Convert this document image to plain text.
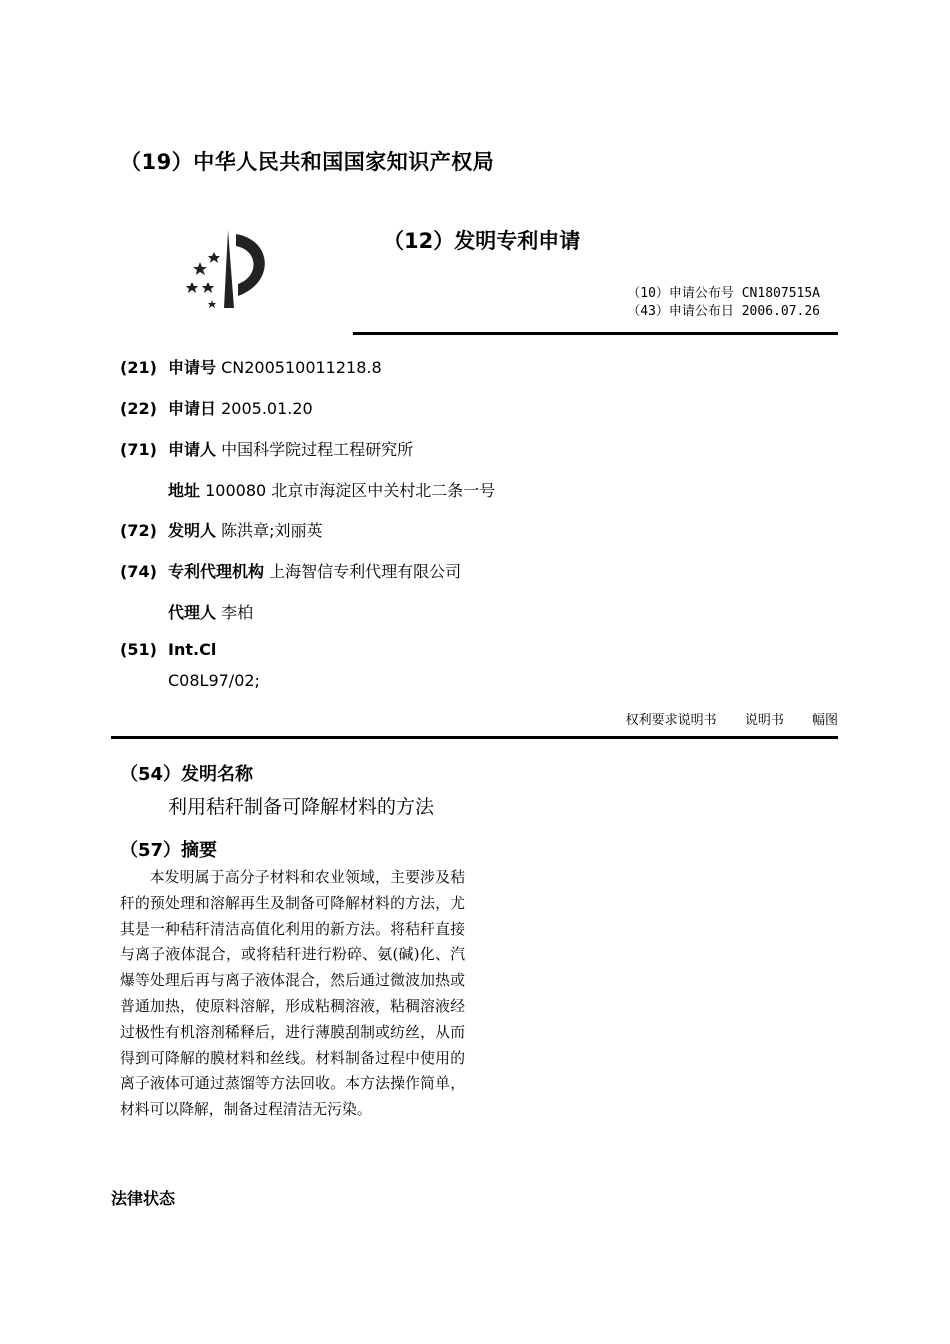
（19）中华人民共和国国家知识产权局
（12）发明专利申请
（10）申请公布号 CN1807515A
（43）申请公布日 2006.07.26
(21) 申请号 CN200510011218.8
(22) 申请日 2005.01.20
(71) 申请人 中国科学院过程工程研究所
地址 100080 北京市海淀区中关村北二条一号
(72) 发明人 陈洪章;刘丽英
(74) 专利代理机构 上海智信专利代理有限公司
代理人 李柏
(51) Int.Cl
C08L97/02;
权利要求说明书 说明书 幅图
（54）发明名称
利用秸秆制备可降解材料的方法
（57）摘要
本发明属于高分子材料和农业领域，主要涉及秸秆的预处理和溶解再生及制备可降解材料的方法，尤其是一种秸秆清洁高值化利用的新方法。将秸秆直接与离子液体混合，或将秸秆进行粉碎、氨(碱)化、汽爆等处理后再与离子液体混合，然后通过微波加热或普通加热，使原料溶解，形成粘稠溶液，粘稠溶液经过极性有机溶剂稀释后，进行薄膜刮制或纺丝，从而得到可降解的膜材料和丝线。材料制备过程中使用的离子液体可通过蒸馏等方法回收。本方法操作简单，材料可以降解，制备过程清洁无污染。
法律状态
